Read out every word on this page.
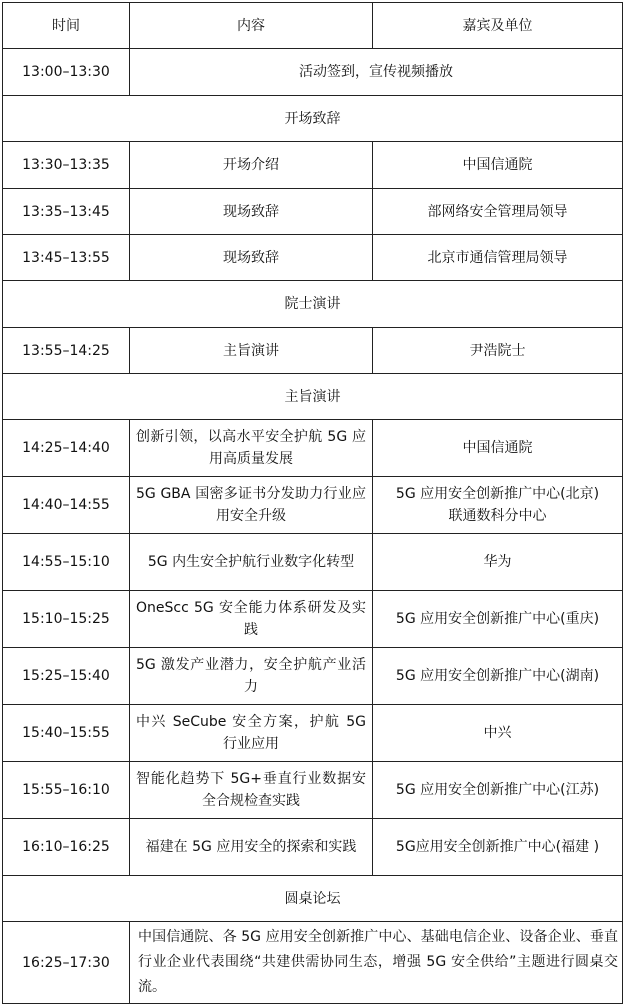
时间	内容	嘉宾及单位
13:00–13:30	活动签到，宣传视频播放	
开场致辞		
13:30–13:35	开场介绍	中国信通院
13:35–13:45	现场致辞	部网络安全管理局领导
13:45–13:55	现场致辞	北京市通信管理局领导
院士演讲		
13:55–14:25	主旨演讲	尹浩院士
主旨演讲		
14:25–14:40	创新引领，以高水平安全护航 5G 应用高质量发展	中国信通院
14:40–14:55	5G GBA 国密多证书分发助力行业应用安全升级	5G 应用安全创新推广中心(北京)
联通数科分中心

14:55–15:10	5G 内生安全护航行业数字化转型	华为
15:10–15:25	OneScc 5G 安全能力体系研发及实践	5G 应用安全创新推广中心(重庆)
15:25–15:40	5G 激发产业潜力，安全护航产业活力	5G 应用安全创新推广中心(湖南)
15:40–15:55	中兴 SeCube 安全方案，护航 5G 行业应用	中兴
15:55–16:10	智能化趋势下 5G+垂直行业数据安全合规检查实践	5G 应用安全创新推广中心(江苏)
16:10–16:25	福建在 5G 应用安全的探索和实践	5G应用安全创新推广中心(福建 )
圆桌论坛		
16:25–17:30	中国信通院、各 5G 应用安全创新推广中心、基础电信企业、设备企业、垂直行业企业代表围绕“共建供需协同生态，增强 5G 安全供给”主题进行圆桌交流。	
